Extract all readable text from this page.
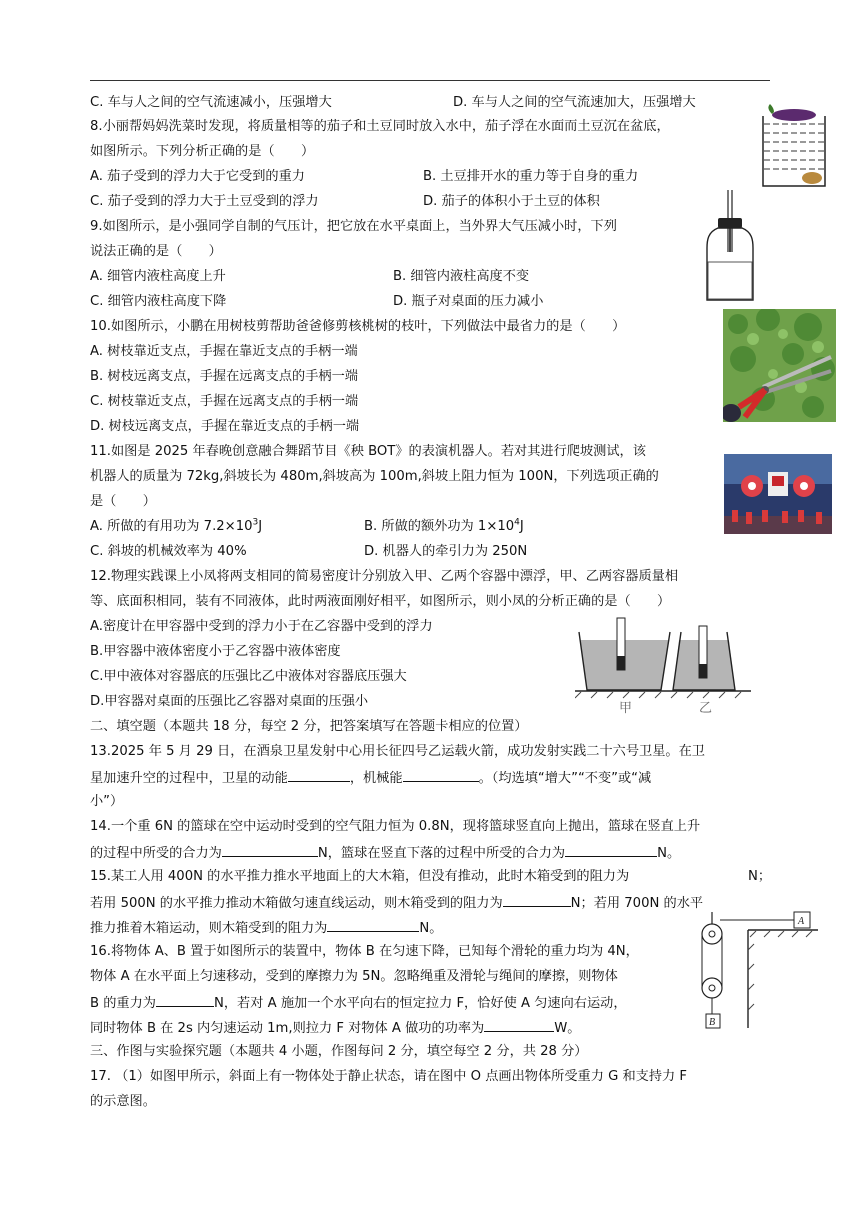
C. 车与人之间的空气流速减小，压强增大	D. 车与人之间的空气流速加大，压强增大
8.小丽帮妈妈洗菜时发现，将质量相等的茄子和土豆同时放入水中，茄子浮在水面而土豆沉在盆底，
如图所示。下列分析正确的是（　　）
A. 茄子受到的浮力大于它受到的重力	B. 土豆排开水的重力等于自身的重力
C. 茄子受到的浮力大于土豆受到的浮力	D. 茄子的体积小于土豆的体积
9.如图所示，是小强同学自制的气压计，把它放在水平桌面上，当外界大气压减小时，下列
说法正确的是（　　）
A. 细管内液柱高度上升	B. 细管内液柱高度不变
C. 细管内液柱高度下降	D. 瓶子对桌面的压力减小
10.如图所示，小鹏在用树枝剪帮助爸爸修剪核桃树的枝叶，下列做法中最省力的是（　　）
A. 树枝靠近支点，手握在靠近支点的手柄一端
B. 树枝远离支点，手握在远离支点的手柄一端
C. 树枝靠近支点，手握在远离支点的手柄一端
D. 树枝远离支点，手握在靠近支点的手柄一端
11.如图是 2025 年春晚创意融合舞蹈节目《秧 BOT》的表演机器人。若对其进行爬坡测试，该
机器人的质量为 72kg,斜坡长为 480m,斜坡高为 100m,斜坡上阻力恒为 100N，下列选项正确的
是（　　）
A. 所做的有用功为 $7.2\times 10^3J$	B. 所做的额外功为 $1\times 10^4J$
C. 斜坡的机械效率为 40%	D. 机器人的牵引力为 250N
12.物理实践课上小凤将两支相同的简易密度计分别放入甲、乙两个容器中漂浮，甲、乙两容器质量相
等、底面积相同，装有不同液体，此时两液面刚好相平，如图所示，则小凤的分析正确的是（　　）
A.密度计在甲容器中受到的浮力小于在乙容器中受到的浮力
B.甲容器中液体密度小于乙容器中液体密度
C.甲中液体对容器底的压强比乙中液体对容器底压强大
D.甲容器对桌面的压强比乙容器对桌面的压强小
二、填空题（本题共 18 分，每空 2 分，把答案填写在答题卡相应的位置）
13.2025 年 5 月 29 日，在酒泉卫星发射中心用长征四号乙运载火箭，成功发射实践二十六号卫星。在卫
星加速升空的过程中，卫星的动能	，机械能	。（均选填“增大”“不变”或“减
小”）
14.一个重 6N 的篮球在空中运动时受到的空气阻力恒为 0.8N，现将篮球竖直向上抛出，篮球在竖直上升
的过程中所受的合力为	N，篮球在竖直下落的过程中所受的合力为	N。
15.某工人用 400N 的水平推力推水平地面上的大木箱，但没有推动，此时木箱受到的阻力为	N；
若用 500N 的水平推力推动木箱做匀速直线运动，则木箱受到的阻力为	N；若用 700N 的水平
推力推着木箱运动，则木箱受到的阻力为	N。
16.将物体 A、B 置于如图所示的装置中，物体 B 在匀速下降，已知每个滑轮的重力均为 4N，
物体 A 在水平面上匀速移动，受到的摩擦力为 5N。忽略绳重及滑轮与绳间的摩擦，则物体
B 的重力为	N，若对 A 施加一个水平向右的恒定拉力 F，恰好使 A 匀速向右运动，
同时物体 B 在 2s 内匀速运动 1m,则拉力 F 对物体 A 做功的功率为	W。
三、作图与实验探究题（本题共 4 小题，作图每问 2 分，填空每空 2 分，共 28 分）
17. （1）如图甲所示，斜面上有一物体处于静止状态，请在图中 O 点画出物体所受重力 G 和支持力 F
的示意图。
甲	乙
A
B
